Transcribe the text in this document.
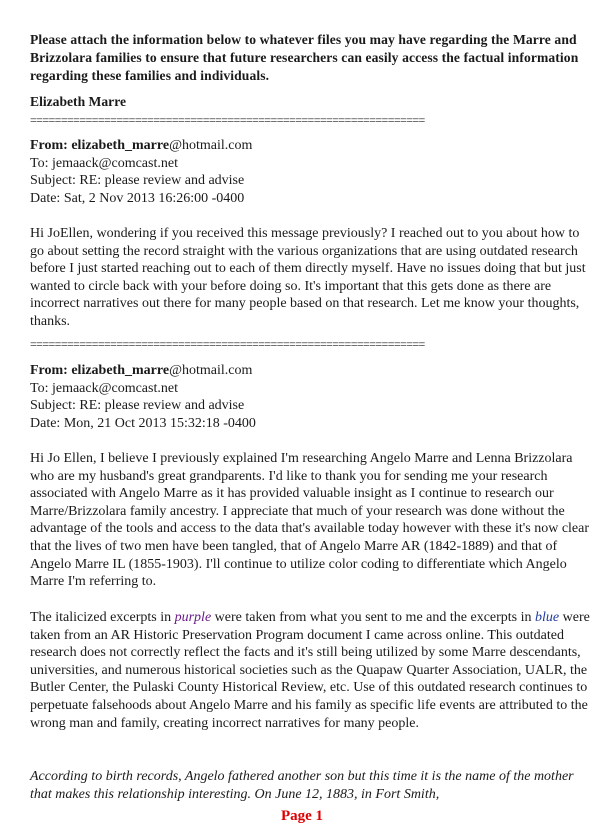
Please attach the information below to whatever files you may have regarding the Marre and Brizzolara families to ensure that future researchers can easily access the factual information regarding these families and individuals.
Elizabeth Marre
================================================================
From: elizabeth_marre@hotmail.com
To: jemaack@comcast.net
Subject: RE: please review and advise
Date: Sat, 2 Nov 2013 16:26:00 -0400

Hi JoEllen, wondering if you received this message previously? I reached out to you about how to go about setting the record straight with the various organizations that are using outdated research before I just started reaching out to each of them directly myself. Have no issues doing that but just wanted to circle back with your before doing so. It's important that this gets done as there are incorrect narratives out there for many people based on that research. Let me know your thoughts, thanks.

================================================================
From: elizabeth_marre@hotmail.com
To: jemaack@comcast.net
Subject: RE: please review and advise
Date: Mon, 21 Oct 2013 15:32:18 -0400

Hi Jo Ellen, I believe I previously explained I'm researching Angelo Marre and Lenna Brizzolara who are my husband's great grandparents. I'd like to thank you for sending me your research associated with Angelo Marre as it has provided valuable insight as I continue to research our Marre/Brizzolara family ancestry. I appreciate that much of your research was done without the advantage of the tools and access to the data that's available today however with these it's now clear that the lives of two men have been tangled, that of Angelo Marre AR (1842-1889) and that of Angelo Marre IL (1855-1903). I'll continue to utilize color coding to differentiate which Angelo Marre I'm referring to.

The italicized excerpts in purple were taken from what you sent to me and the excerpts in blue were taken from an AR Historic Preservation Program document I came across online. This outdated research does not correctly reflect the facts and it's still being utilized by some Marre descendants, universities, and numerous historical societies such as the Quapaw Quarter Association, UALR, the Butler Center, the Pulaski County Historical Review, etc. Use of this outdated research continues to perpetuate falsehoods about Angelo Marre and his family as specific life events are attributed to the wrong man and family, creating incorrect narratives for many people.

According to birth records, Angelo fathered another son but this time it is the name of the mother that makes this relationship interesting. On June 12, 1883, in Fort Smith,

Page 1
